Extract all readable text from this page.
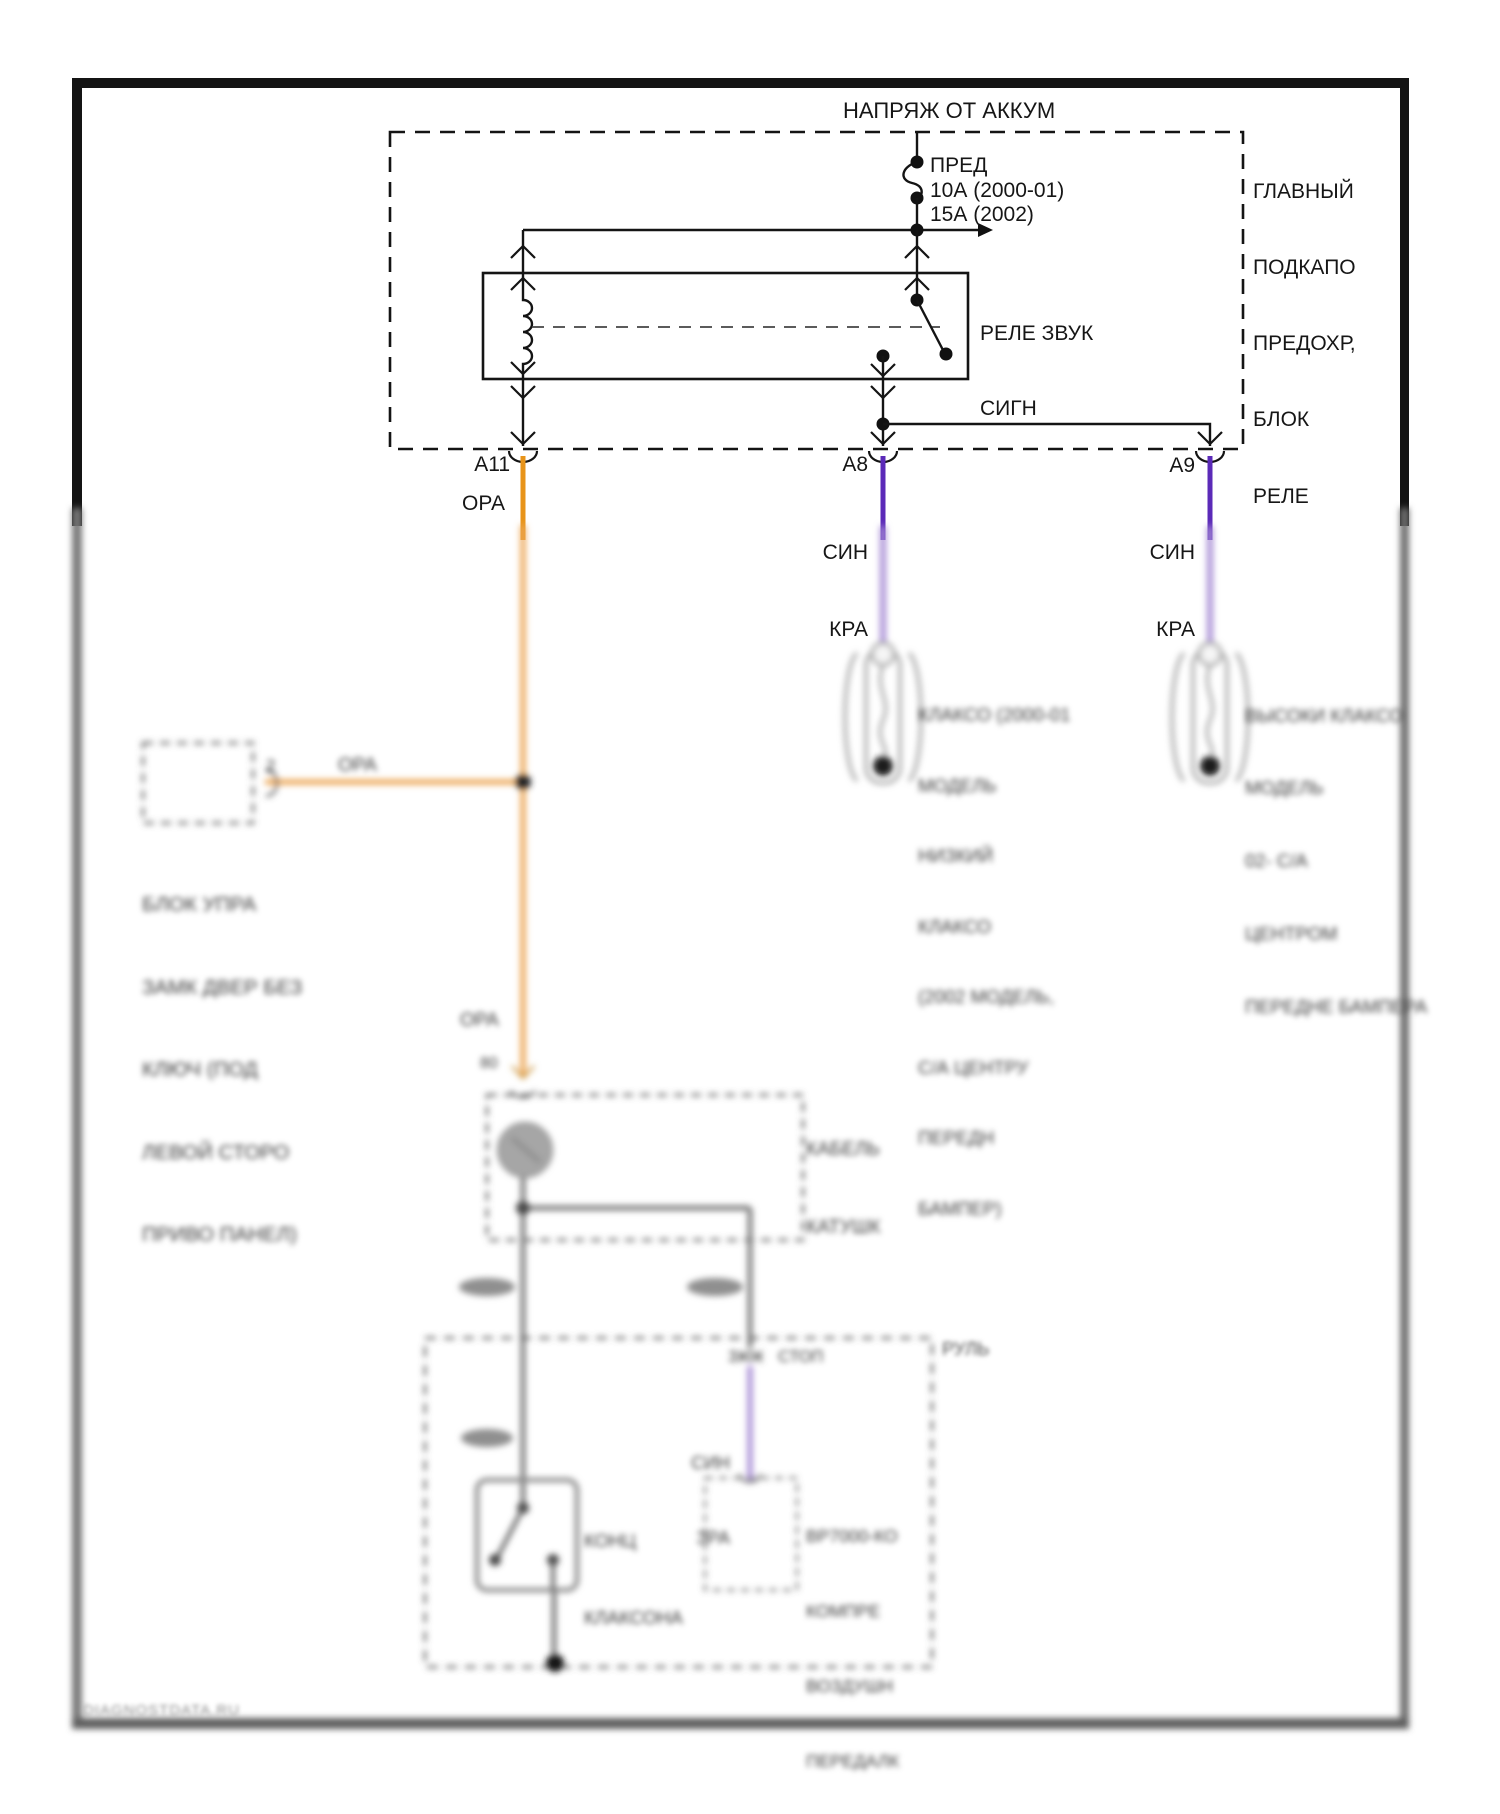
НАПРЯЖ ОТ АККУМ
ПРЕД
10А (2000-01)
15А (2002)

ГЛАВНЫЙ

ПОДКАПО

ПРЕДОХР,

БЛОК

РЕЛЕ

РЕЛЕ ЗВУК

СИГН

A11	A8	A9
ОРА

СИН

КРА

СИН

КРА

2	ОРА

БЛОК УПРА

ЗАМК ДВЕР БЕЗ

КЛЮЧ (ПОД

ЛЕВОЙ СТОРО

ПРИВО ПАНЕЛ)

КЛАКСО (2000-01

МОДЕЛЬ

НИЗКИЙ

КЛАКСО

(2002 МОДЕЛЬ,

С/А ЦЕНТРУ

ПЕРЕДН

БАМПЕР)

ВЫСОКИ КЛАКСО

МОДЕЛЬ

02- С/А

ЦЕНТРОМ

ПЕРЕДНЕ БАМПЕРА

ОРА
80

КАБЕЛЬ

КАТУШК

РУЛЬ
3 СТОП

СИН

ЗРА

КОНЦ

КЛАКСОНА

ВР7000-КО

КОМПРЕ

ВОЗДУШН

ПЕРЕДАЛК

DIAGNOSTDATA.RU
